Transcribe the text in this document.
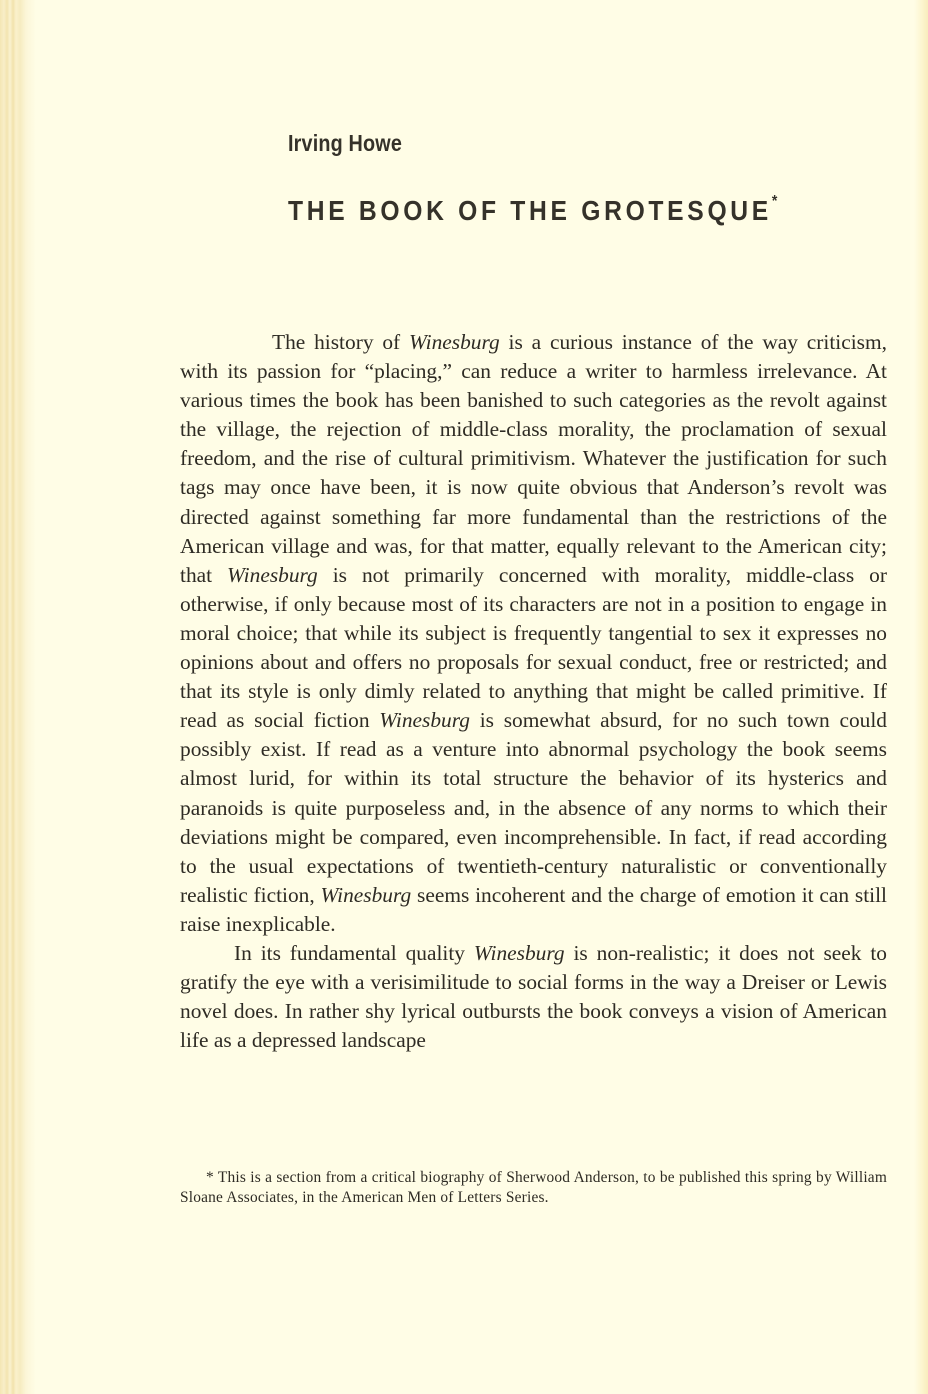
Irving Howe
THE BOOK OF THE GROTESQUE*

The history of Winesburg is a curious instance of the way criticism, with its passion for “placing,” can reduce a writer to harmless irrelevance. At various times the book has been banished to such categories as the revolt against the village, the rejection of middle-class morality, the proclamation of sexual freedom, and the rise of cultural primitivism. Whatever the justification for such tags may once have been, it is now quite obvious that Anderson’s revolt was directed against something far more fundamental than the restrictions of the American village and was, for that matter, equally relevant to the American city; that Winesburg is not primarily concerned with morality, middle-class or otherwise, if only because most of its characters are not in a position to engage in moral choice; that while its subject is frequently tangential to sex it expresses no opinions about and offers no proposals for sexual conduct, free or restricted; and that its style is only dimly related to anything that might be called primitive. If read as social fiction Winesburg is somewhat absurd, for no such town could possibly exist. If read as a venture into abnormal psychology the book seems almost lurid, for within its total structure the behavior of its hysterics and paranoids is quite purposeless and, in the absence of any norms to which their deviations might be compared, even incomprehensible. In fact, if read according to the usual expectations of twentieth-century naturalistic or conventionally realistic fiction, Winesburg seems incoherent and the charge of emotion it can still raise inexplicable.

In its fundamental quality Winesburg is non-realistic; it does not seek to gratify the eye with a verisimilitude to social forms in the way a Dreiser or Lewis novel does. In rather shy lyrical outbursts the book conveys a vision of American life as a depressed landscape

* This is a section from a critical biography of Sherwood Anderson, to be published this spring by William Sloane Associates, in the American Men of Letters Series.
